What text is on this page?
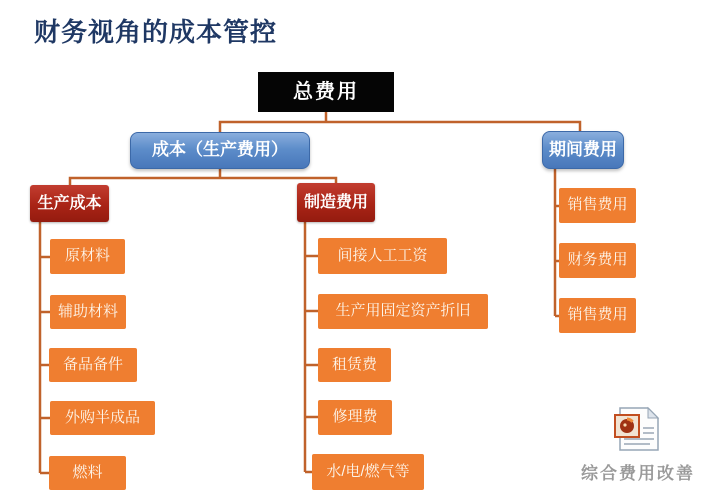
财务视角的成本管控
总费用
成本（生产费用）	期间费用
生产成本	制造费用
原材料
辅助材料
备品备件
外购半成品
燃料
间接人工工资
生产用固定资产折旧
租赁费
修理费
水/电/燃气等
销售费用
财务费用
销售费用
综合费用改善
